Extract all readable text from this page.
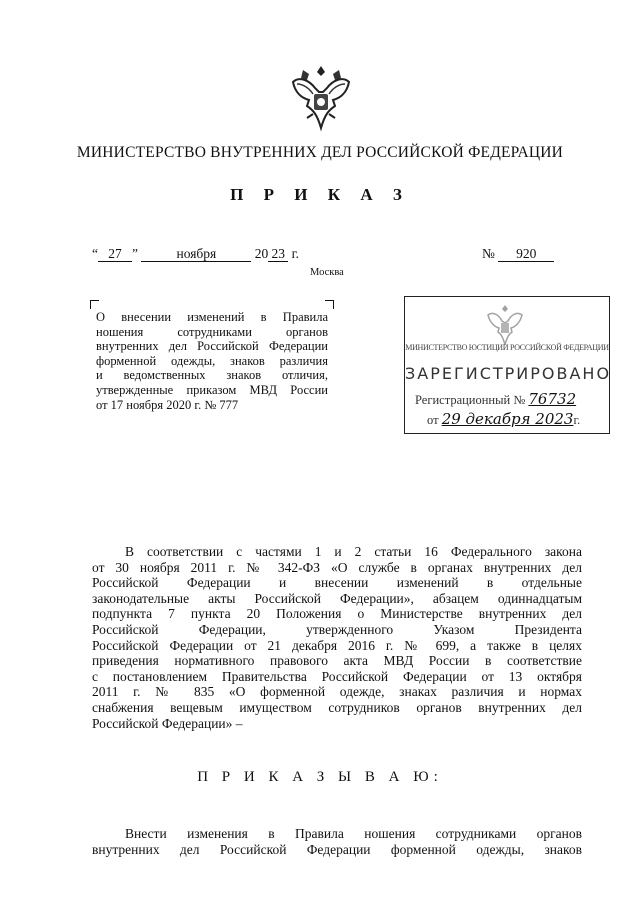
МИНИСТЕРСТВО ВНУТРЕННИХ ДЕЛ РОССИЙСКОЙ ФЕДЕРАЦИИ
П Р И К А З
“ 27 ”	ноября	20 23 г.
Москва
№ 920
О внесении изменений в Правила
ношения сотрудниками органов
внутренних дел Российской Федерации
форменной одежды, знаков различия
и ведомственных знаков отличия,
утвержденные приказом МВД России
от 17 ноября 2020 г. № 777
МИНИСТЕРСТВО ЮСТИЦИИ РОССИЙСКОЙ ФЕДЕРАЦИИ
ЗАРЕГИСТРИРОВАНО
Регистрационный № 76732
от 29 декабря 2023г.
В соответствии с частями 1 и 2 статьи 16 Федерального закона
от 30 ноября 2011 г. № 342-ФЗ «О службе в органах внутренних дел
Российской Федерации и внесении изменений в отдельные
законодательные акты Российской Федерации», абзацем одиннадцатым
подпункта 7 пункта 20 Положения о Министерстве внутренних дел
Российской Федерации, утвержденного Указом Президента
Российской Федерации от 21 декабря 2016 г. № 699, а также в целях
приведения нормативного правового акта МВД России в соответствие
с постановлением Правительства Российской Федерации от 13 октября
2011 г. № 835 «О форменной одежде, знаках различия и нормах
снабжения вещевым имуществом сотрудников органов внутренних дел
Российской Федерации» –
П Р И К А З Ы В А Ю:
Внести изменения в Правила ношения сотрудниками органов
внутренних дел Российской Федерации форменной одежды, знаков
